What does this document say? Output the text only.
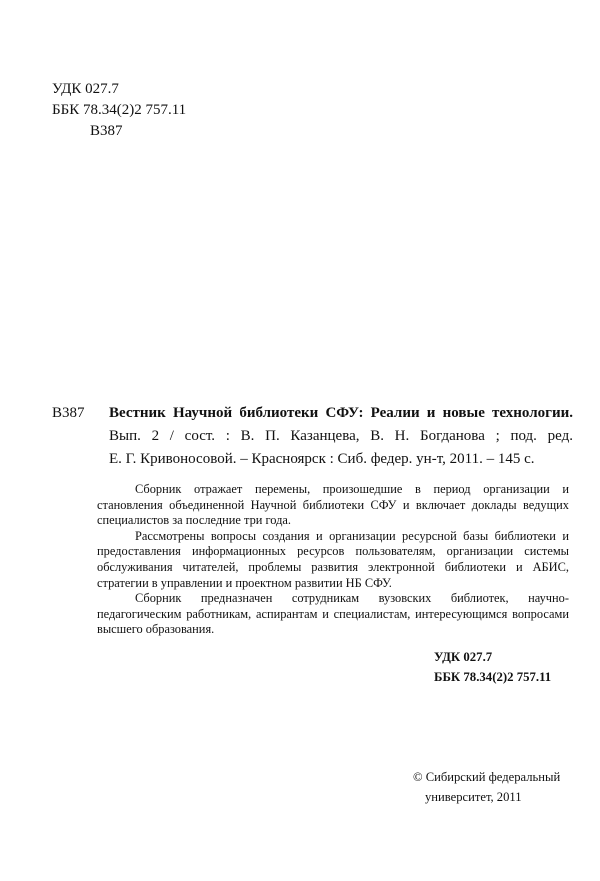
УДК 027.7
ББК 78.34(2)2 757.11
В387
В387 Вестник Научной библиотеки СФУ: Реалии и новые технологии.
Вып. 2 / сост. : В. П. Казанцева, В. Н. Богданова ; под. ред.
Е. Г. Кривоносовой. – Красноярск : Сиб. федер. ун-т, 2011. – 145 с.

Сборник отражает перемены, произошедшие в период организации и становления объединенной Научной библиотеки СФУ и включает доклады ведущих специалистов за последние три года.

Рассмотрены вопросы создания и организации ресурсной базы библиотеки и предоставления информационных ресурсов пользователям, организации системы обслуживания читателей, проблемы развития электронной библиотеки и АБИС, стратегии в управлении и проектном развитии НБ СФУ.

Сборник предназначен сотрудникам вузовских библиотек, научно-педагогическим работникам, аспирантам и специалистам, интересующимся вопросами высшего образования.

УДК 027.7
ББК 78.34(2)2 757.11
© Сибирский федеральный
университет, 2011
